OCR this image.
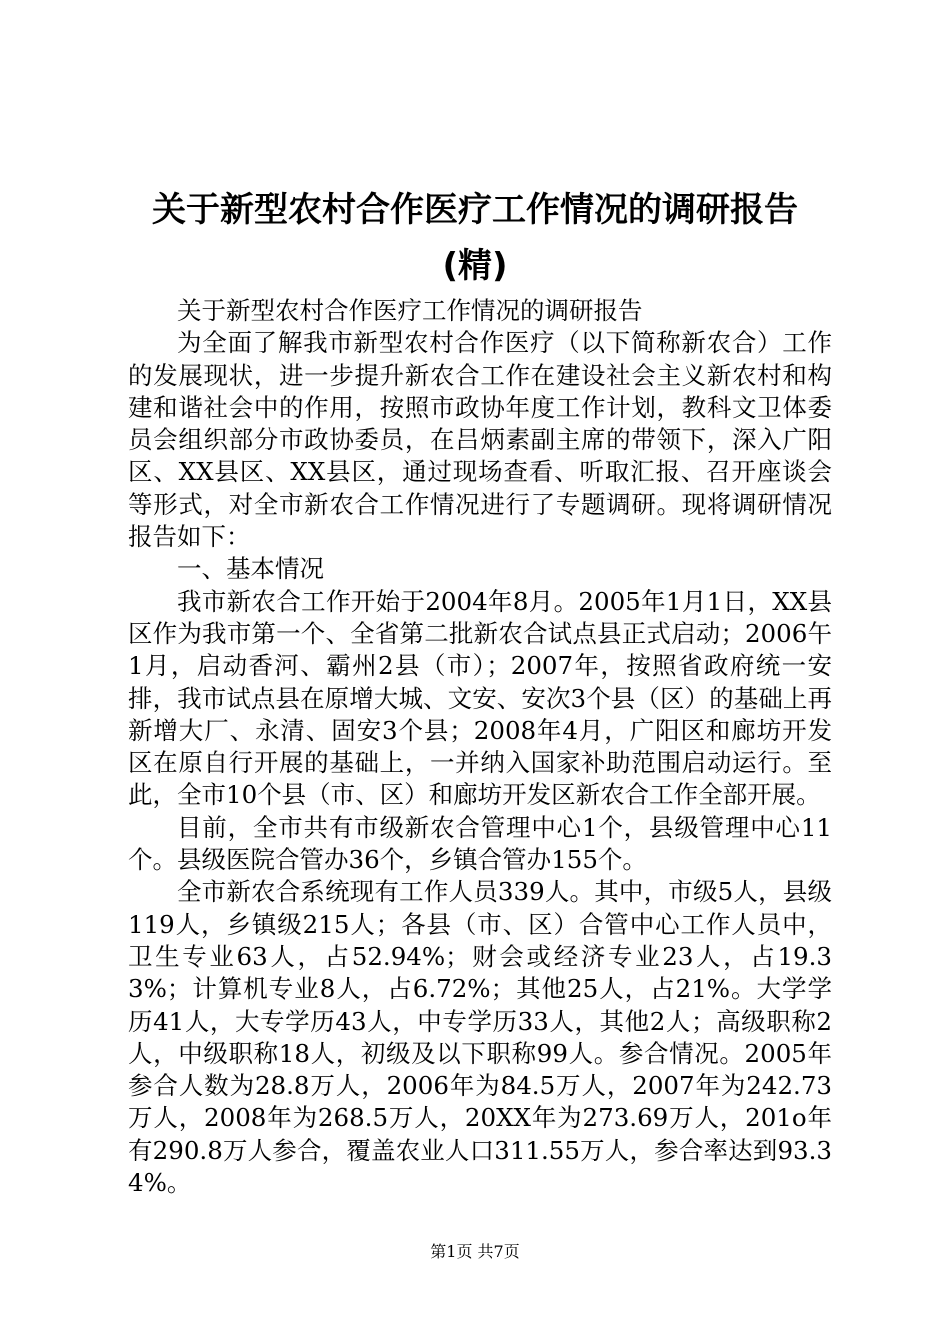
关于新型农村合作医疗工作情况的调研报告
(精)

关于新型农村合作医疗工作情况的调研报告

为全面了解我市新型农村合作医疗（以下简称新农合）工作的发展现状，进一步提升新农合工作在建设社会主义新农村和构建和谐社会中的作用，按照市政协年度工作计划，教科文卫体委员会组织部分市政协委员，在吕炳素副主席的带领下，深入广阳区、XX县区、XX县区，通过现场查看、听取汇报、召开座谈会等形式，对全市新农合工作情况进行了专题调研。现将调研情况报告如下：

一、基本情况

我市新农合工作开始于2004年8月。2005年1月1日，XX县区作为我市第一个、全省第二批新农合试点县正式启动；2006午1月，启动香河、霸州2县（市）；2007年，按照省政府统一安排，我市试点县在原增大城、文安、安次3个县（区）的基础上再新增大厂、永清、固安3个县；2008年4月，广阳区和廊坊开发区在原自行开展的基础上，一并纳入国家补助范围启动运行。至此，全市10个县（市、区）和廊坊开发区新农合工作全部开展。

目前，全市共有市级新农合管理中心1个，县级管理中心11个。县级医院合管办36个，乡镇合管办155个。

全市新农合系统现有工作人员339人。其中，市级5人，县级119人，乡镇级215人；各县（市、区）合管中心工作人员中，卫生专业63人，占52.94%；财会或经济专业23人，占19.33%；计算机专业8人，占6.72%；其他25人，占21%。大学学历41人，大专学历43人，中专学历33人，其他2人；高级职称2人，中级职称18人，初级及以下职称99人。参合情况。2005年参合人数为28.8万人，2006年为84.5万人，2007年为242.73万人，2008年为268.5万人，20XX年为273.69万人，201o年有290.8万人参合，覆盖农业人口311.55万人，参合率达到93.34%。

第1页 共7页
